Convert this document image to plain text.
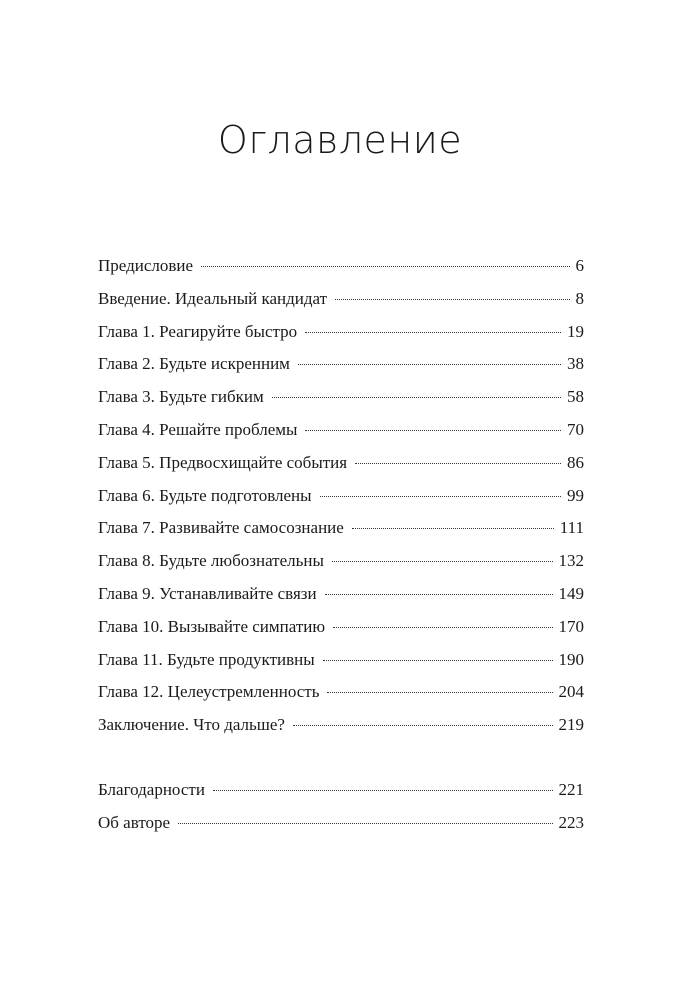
Оглавление
Предисловие	6
Введение. Идеальный кандидат	8
Глава 1. Реагируйте быстро	19
Глава 2. Будьте искренним	38
Глава 3. Будьте гибким	58
Глава 4. Решайте проблемы	70
Глава 5. Предвосхищайте события	86
Глава 6. Будьте подготовлены	99
Глава 7. Развивайте самосознание	111
Глава 8. Будьте любознательны	132
Глава 9. Устанавливайте связи	149
Глава 10. Вызывайте симпатию	170
Глава 11. Будьте продуктивны	190
Глава 12. Целеустремленность	204
Заключение. Что дальше?	219
Благодарности	221
Об авторе	223
